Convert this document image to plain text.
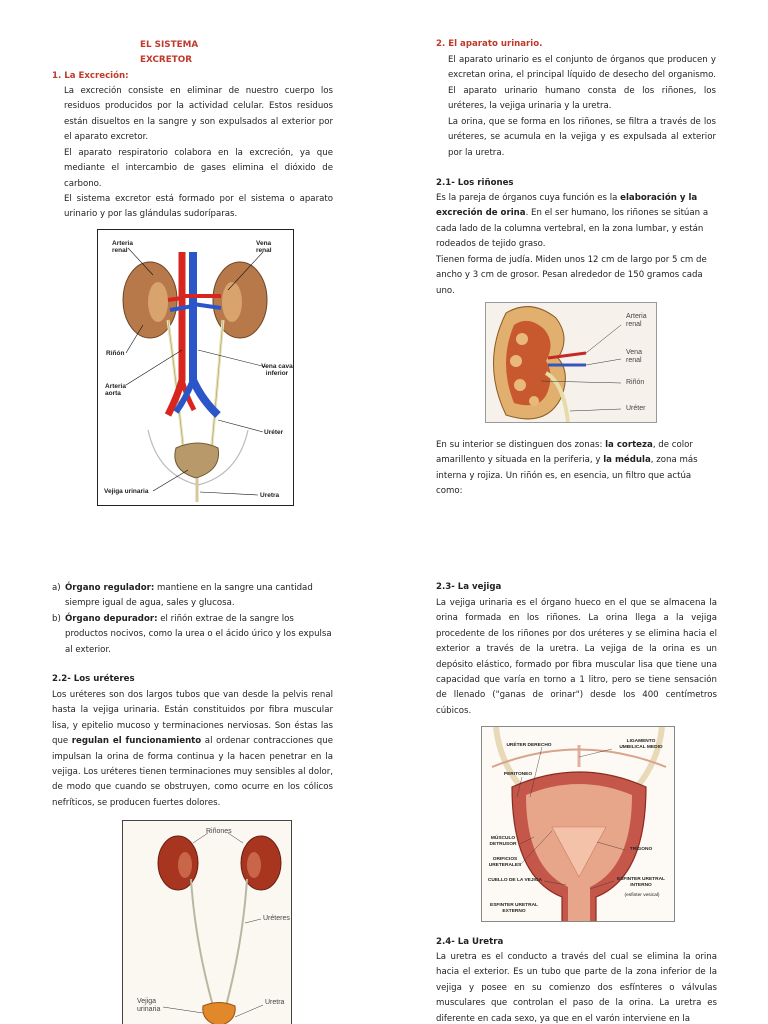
EL SISTEMA EXCRETOR
1. La Excreción:
La excreción consiste en eliminar de nuestro cuerpo los residuos producidos por la actividad celular. Estos residuos están disueltos en la sangre y son expulsados al exterior por el aparato excretor.
El aparato respiratorio colabora en la excreción, ya que mediante el intercambio de gases elimina el dióxido de carbono.
El sistema excretor está formado por el sistema o aparato urinario y por las glándulas sudoríparas.
Arteria renal
Vena renal
Riñón
Vena cava inferior
Arteria aorta
Uréter
Vejiga urinaria
Uretra
a) Órgano regulador: mantiene en la sangre una cantidad siempre igual de agua, sales y glucosa.
b) Órgano depurador: el riñón extrae de la sangre los productos nocivos, como la urea o el ácido úrico y los expulsa al exterior.
2.2- Los uréteres
Los uréteres son dos largos tubos que van desde la pelvis renal hasta la vejiga urinaria. Están constituidos por fibra muscular lisa, y epitelio mucoso y terminaciones nerviosas. Son éstas las que regulan el funcionamiento al ordenar contracciones que impulsan la orina de forma continua y la hacen penetrar en la vejiga. Los uréteres tienen terminaciones muy sensibles al dolor, de modo que cuando se obstruyen, como ocurre en los cólicos nefríticos, se producen fuertes dolores.
Riñones
Uréteres
Vejiga urinaria
Uretra
2. El aparato urinario.
El aparato urinario es el conjunto de órganos que producen y excretan orina, el principal líquido de desecho del organismo. El aparato urinario humano consta de los riñones, los uréteres, la vejiga urinaria y la uretra.
La orina, que se forma en los riñones, se filtra a través de los uréteres, se acumula en la vejiga y es expulsada al exterior por la uretra.
2.1- Los riñones
Es la pareja de órganos cuya función es la elaboración y la excreción de orina. En el ser humano, los riñones se sitúan a cada lado de la columna vertebral, en la zona lumbar, y están rodeados de tejido graso.
Tienen forma de judía. Miden unos 12 cm de largo por 5 cm de ancho y 3 cm de grosor. Pesan alrededor de 150 gramos cada uno.
Arteria renal
Vena renal
Riñón
Uréter
En su interior se distinguen dos zonas: la corteza, de color amarillento y situada en la periferia, y la médula, zona más interna y rojiza. Un riñón es, en esencia, un filtro que actúa como:
2.3- La vejiga
La vejiga urinaria es el órgano hueco en el que se almacena la orina formada en los riñones. La orina llega a la vejiga procedente de los riñones por dos uréteres y se elimina hacia el exterior a través de la uretra. La vejiga de la orina es un depósito elástico, formado por fibra muscular lisa que tiene una capacidad que varía en torno a 1 litro, pero se tiene sensación de llenado ("ganas de orinar") desde los 400 centímetros cúbicos.
URÉTER DERECHO
LIGAMENTO UMBILICAL MEDIO
PERITONEO
MÚSCULO DETRUSOR
ORIFICIOS URETERALES
TRÍGONO
CUELLO DE LA VEJIGA	ESFINTER URETRAL INTERNO
(esfinter vesical)
ESFINTER URETRAL EXTERNO
2.4- La Uretra
La uretra es el conducto a través del cual se elimina la orina hacia el exterior. Es un tubo que parte de la zona inferior de la vejiga y posee en su comienzo dos esfínteres o válvulas musculares que controlan el paso de la orina. La uretra es diferente en cada sexo, ya que en el varón interviene en la
